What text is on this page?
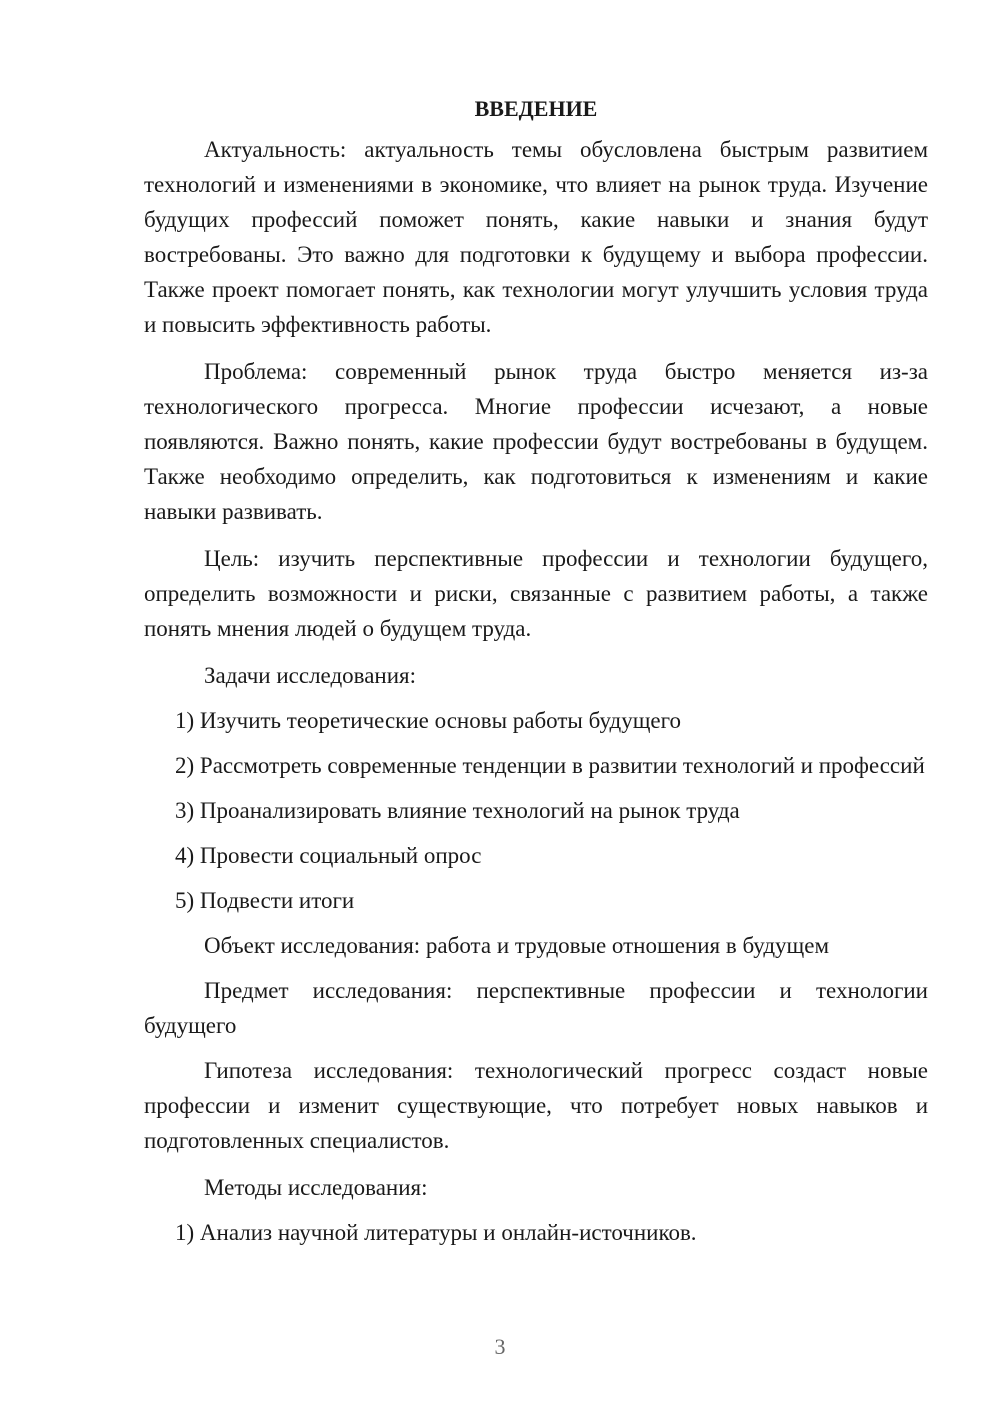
ВВЕДЕНИЕ

Актуальность: актуальность темы обусловлена быстрым развитием технологий и изменениями в экономике, что влияет на рынок труда. Изучение будущих профессий поможет понять, какие навыки и знания будут востребованы. Это важно для подготовки к будущему и выбора профессии. Также проект помогает понять, как технологии могут улучшить условия труда и повысить эффективность работы.

Проблема: современный рынок труда быстро меняется из-за технологического прогресса. Многие профессии исчезают, а новые появляются. Важно понять, какие профессии будут востребованы в будущем. Также необходимо определить, как подготовиться к изменениям и какие навыки развивать.

Цель: изучить перспективные профессии и технологии будущего, определить возможности и риски, связанные с развитием работы, а также понять мнения людей о будущем труда.

Задачи исследования:

1) Изучить теоретические основы работы будущего

2) Рассмотреть современные тенденции в развитии технологий и профессий

3) Проанализировать влияние технологий на рынок труда

4) Провести социальный опрос

5) Подвести итоги

Объект исследования: работа и трудовые отношения в будущем

Предмет исследования: перспективные профессии и технологии будущего

Гипотеза исследования: технологический прогресс создаст новые профессии и изменит существующие, что потребует новых навыков и подготовленных специалистов.

Методы исследования:

1) Анализ научной литературы и онлайн-источников.

3
